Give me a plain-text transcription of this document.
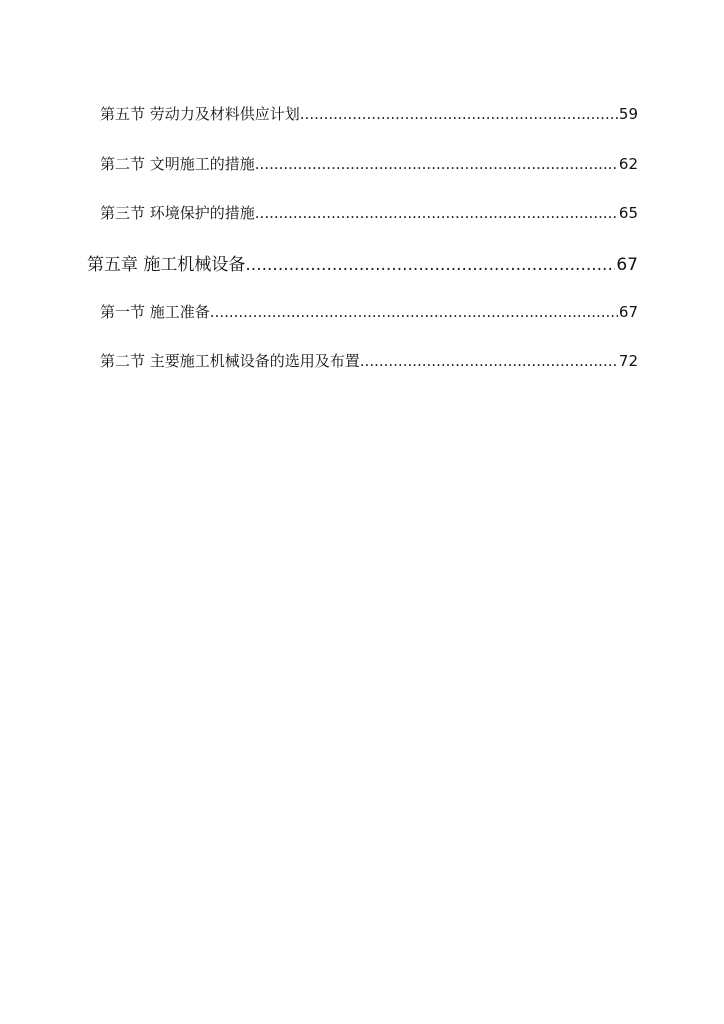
第五节 劳动力及材料供应计划 .....	59
第二节 文明施工的措施 .....	62
第三节 环境保护的措施 .....	65
第五章 施工机械设备 .....	67
第一节 施工准备 .....	67
第二节 主要施工机械设备的选用及布置 .....	72
